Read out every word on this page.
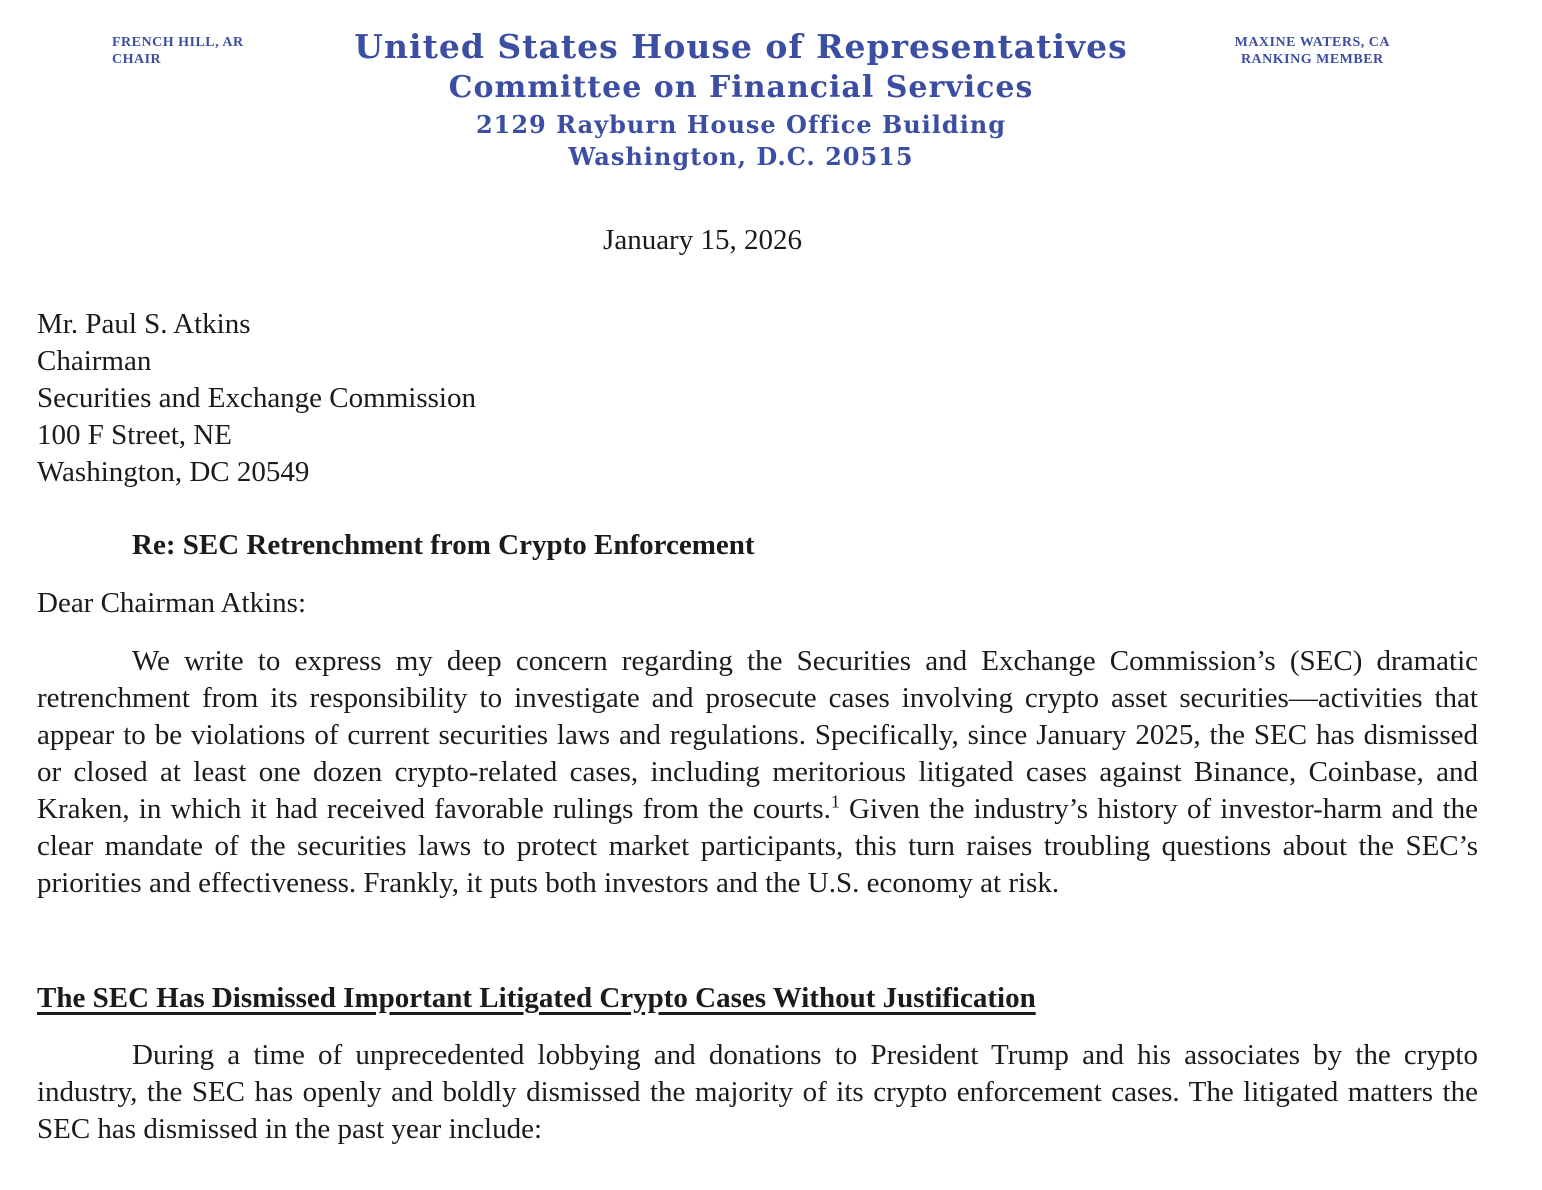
FRENCH HILL, AR
CHAIR	United States House of Representatives
Committee on Financial Services
2129 Rayburn House Office Building
Washington, D.C. 20515
MAXINE WATERS, CA
RANKING MEMBER
January 15, 2026
Mr. Paul S. Atkins
Chairman
Securities and Exchange Commission
100 F Street, NE
Washington, DC 20549
Re: SEC Retrenchment from Crypto Enforcement
Dear Chairman Atkins:

We write to express my deep concern regarding the Securities and Exchange Commission’s (SEC) dramatic retrenchment from its responsibility to investigate and prosecute cases involving crypto asset securities—activities that appear to be violations of current securities laws and regulations. Specifically, since January 2025, the SEC has dismissed or closed at least one dozen crypto-related cases, including meritorious litigated cases against Binance, Coinbase, and Kraken, in which it had received favorable rulings from the courts.$^1$ Given the industry’s history of investor-harm and the clear mandate of the securities laws to protect market participants, this turn raises troubling questions about the SEC’s priorities and effectiveness. Frankly, it puts both investors and the U.S. economy at risk.

The SEC Has Dismissed Important Litigated Crypto Cases Without Justification

During a time of unprecedented lobbying and donations to President Trump and his associates by the crypto industry, the SEC has openly and boldly dismissed the majority of its crypto enforcement cases. The litigated matters the SEC has dismissed in the past year include:
